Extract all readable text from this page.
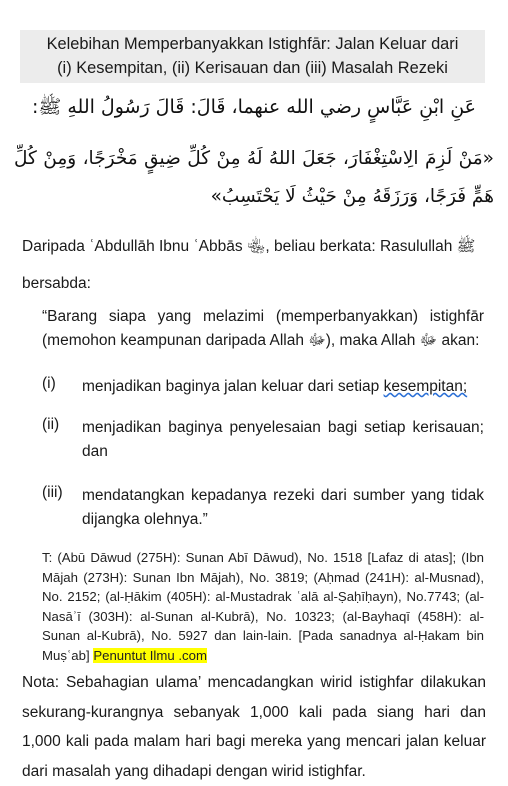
Kelebihan Memperbanyakkan Istighfār: Jalan Keluar dari
(i) Kesempitan, (ii) Kerisauan dan (iii) Masalah Rezeki
عَنِ ابْنِ عَبَّاسٍ رضي الله عنهما، قَالَ: قَالَ رَسُولُ اللهِ ﷺ:
«مَنْ لَزِمَ الِاسْتِغْفَارَ، جَعَلَ اللهُ لَهُ مِنْ كُلِّ ضِيقٍ مَخْرَجًا، وَمِنْ كُلِّ هَمٍّ فَرَجًا، وَرَزَقَهُ مِنْ حَيْثُ لَا يَحْتَسِبُ»
Daripada ʿAbdullāh Ibnu ʿAbbās ﵄, beliau berkata: Rasulullah ﷺ bersabda:
“Barang siapa yang melazimi (memperbanyakkan) istighfār (memohon keampunan daripada Allah ﷻ), maka Allah ﷻ akan:
(i) menjadikan baginya jalan keluar dari setiap kesempitan;
(ii) menjadikan baginya penyelesaian bagi setiap kerisauan; dan
(iii) mendatangkan kepadanya rezeki dari sumber yang tidak dijangka olehnya.”
T: (Abū Dāwud (275H): Sunan Abī Dāwud), No. 1518 [Lafaz di atas]; (Ibn Mājah (273H): Sunan Ibn Mājah), No. 3819; (Aḥmad (241H): al-Musnad), No. 2152; (al-Ḥākim (405H): al-Mustadrak ʿalā al-Ṣaḥīḥayn), No.7743; (al-Nasāʾī (303H): al-Sunan al-Kubrā), No. 10323; (al-Bayhaqī (458H): al-Sunan al-Kubrā), No. 5927 dan lain-lain. [Pada sanadnya al-Ḥakam bin Muṣʿab] Penuntut Ilmu .com
Nota: Sebahagian ulama’ mencadangkan wirid istighfar dilakukan sekurang-kurangnya sebanyak 1,000 kali pada siang hari dan 1,000 kali pada malam hari bagi mereka yang mencari jalan keluar dari masalah yang dihadapi dengan wirid istighfar.
